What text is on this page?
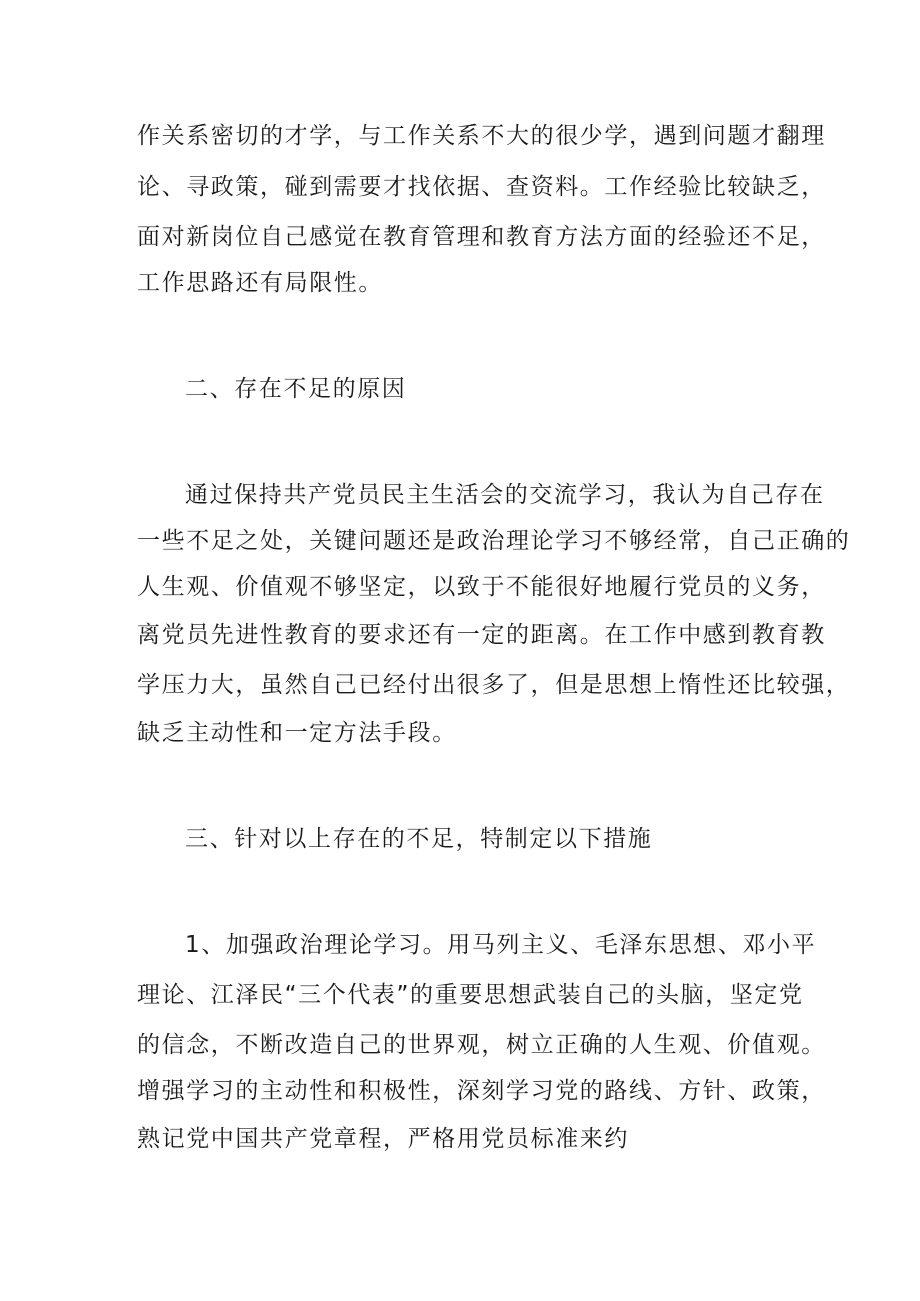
作关系密切的才学，与工作关系不大的很少学，遇到问题才翻理
论、寻政策，碰到需要才找依据、查资料。工作经验比较缺乏，
面对新岗位自己感觉在教育管理和教育方法方面的经验还不足，
工作思路还有局限性。
二、存在不足的原因
通过保持共产党员民主生活会的交流学习，我认为自己存在
一些不足之处，关键问题还是政治理论学习不够经常，自己正确的
人生观、价值观不够坚定，以致于不能很好地履行党员的义务，
离党员先进性教育的要求还有一定的距离。在工作中感到教育教
学压力大，虽然自己已经付出很多了，但是思想上惰性还比较强，
缺乏主动性和一定方法手段。
三、针对以上存在的不足，特制定以下措施
1、加强政治理论学习。用马列主义、毛泽东思想、邓小平
理论、江泽民“三个代表”的重要思想武装自己的头脑，坚定党
的信念，不断改造自己的世界观，树立正确的人生观、价值观。
增强学习的主动性和积极性，深刻学习党的路线、方针、政策，
熟记党中国共产党章程，严格用党员标准来约
